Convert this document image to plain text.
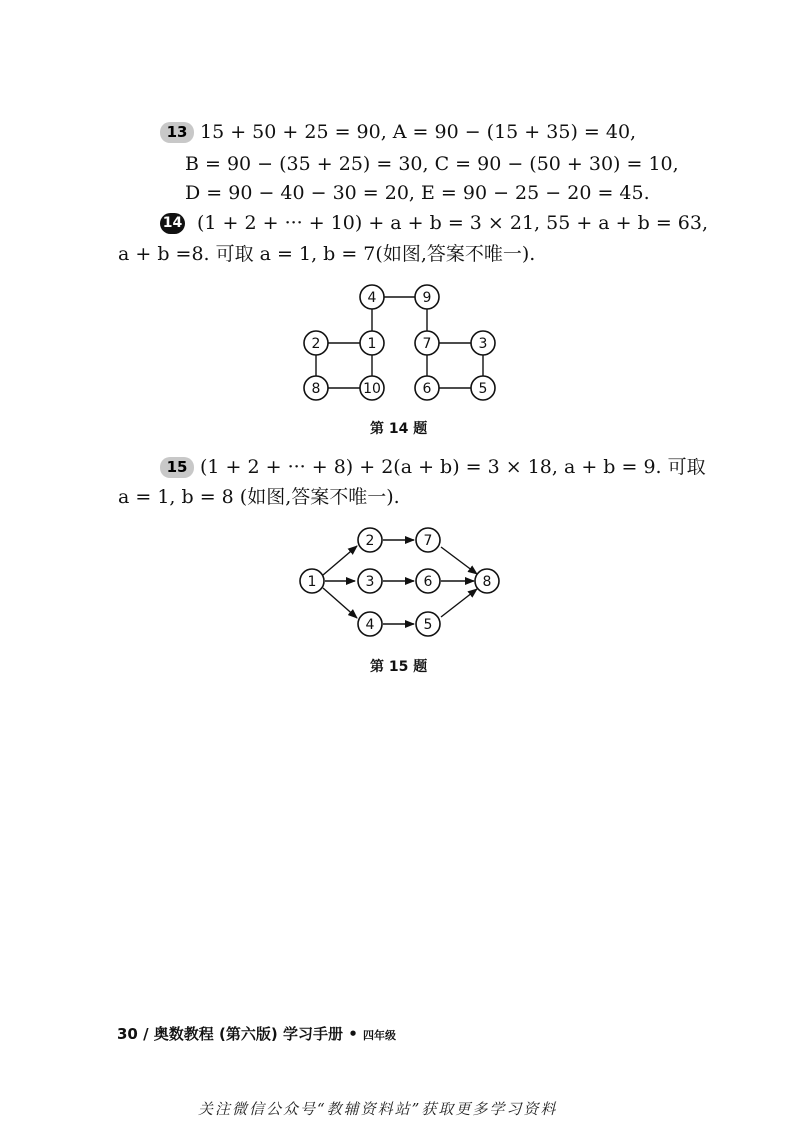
13 15 + 50 + 25 = 90, A = 90 − (15 + 35) = 40,
B = 90 − (35 + 25) = 30, C = 90 − (50 + 30) = 10,
D = 90 − 40 − 30 = 20, E = 90 − 25 − 20 = 45.
14 (1 + 2 + ··· + 10) + a + b = 3 × 21, 55 + a + b = 63,
a + b =8. 可取 a = 1, b = 7(如图,答案不唯一).
4	9
2	1	7	3
8	10	6	5
2	7
1	3	6	8
4	5
第 14 题
15 (1 + 2 + ··· + 8) + 2(a + b) = 3 × 18, a + b = 9. 可取
a = 1, b = 8 (如图,答案不唯一).
第 15 题
30 / 奥数教程 (第六版) 学习手册 • 四年级
关注微信公众号“教辅资料站”获取更多学习资料
